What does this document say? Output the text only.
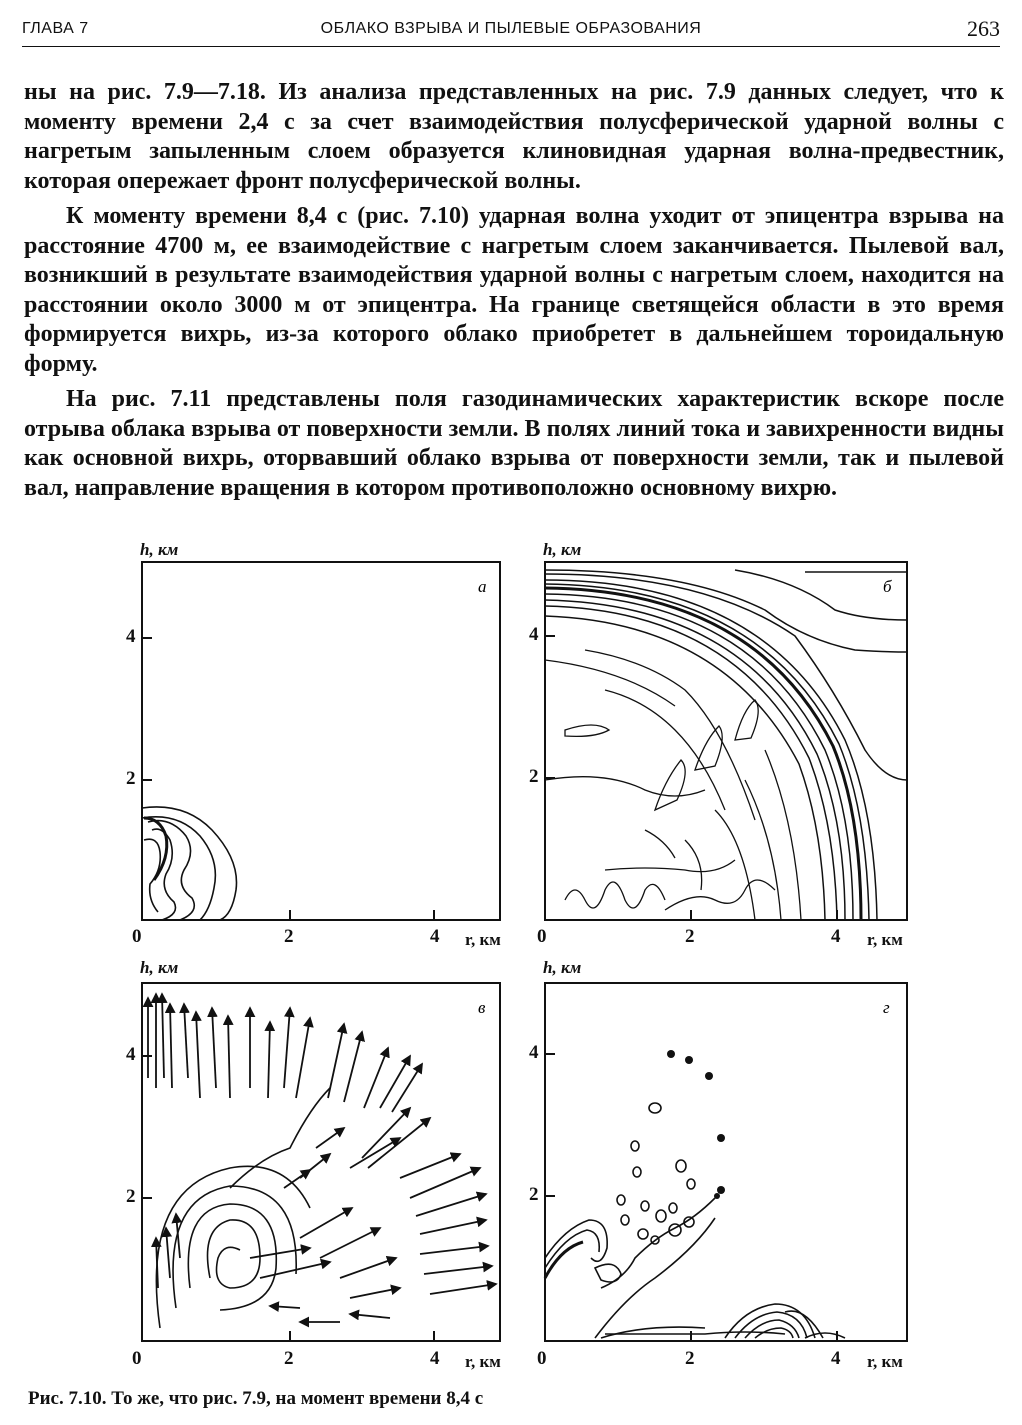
ГЛАВА 7	ОБЛАКО ВЗРЫВА И ПЫЛЕВЫЕ ОБРАЗОВАНИЯ	263

ны на рис. 7.9—7.18. Из анализа представленных на рис. 7.9 данных следует, что к моменту времени 2,4 с за счет взаимодействия полусферической ударной волны с нагретым запыленным слоем образуется клиновидная ударная волна-предвестник, которая опережает фронт полусферической волны.

К моменту времени 8,4 с (рис. 7.10) ударная волна уходит от эпицентра взрыва на расстояние 4700 м, ее взаимодействие с нагретым слоем заканчивается. Пылевой вал, возникший в результате взаимодействия ударной волны с нагретым слоем, находится на расстоянии около 3000 м от эпицентра. На границе светящейся области в это время формируется вихрь, из-за которого облако приобретет в дальнейшем тороидальную форму.

На рис. 7.11 представлены поля газодинамических характеристик вскоре после отрыва облака взрыва от поверхности земли. В полях линий тока и завихренности видны как основной вихрь, оторвавший облако взрыва от поверхности земли, так и пылевой вал, направление вращения в котором противоположно основному вихрю.

h, км
а
4
2
0	2	4 r, км
h, км
б
4
2
0	2	4 r, км
h, км
в
4
2
0	2	4 r, км
h, км
г
4
2
0	2	4 r, км
Рис. 7.10. То же, что рис. 7.9, на момент времени 8,4 с
